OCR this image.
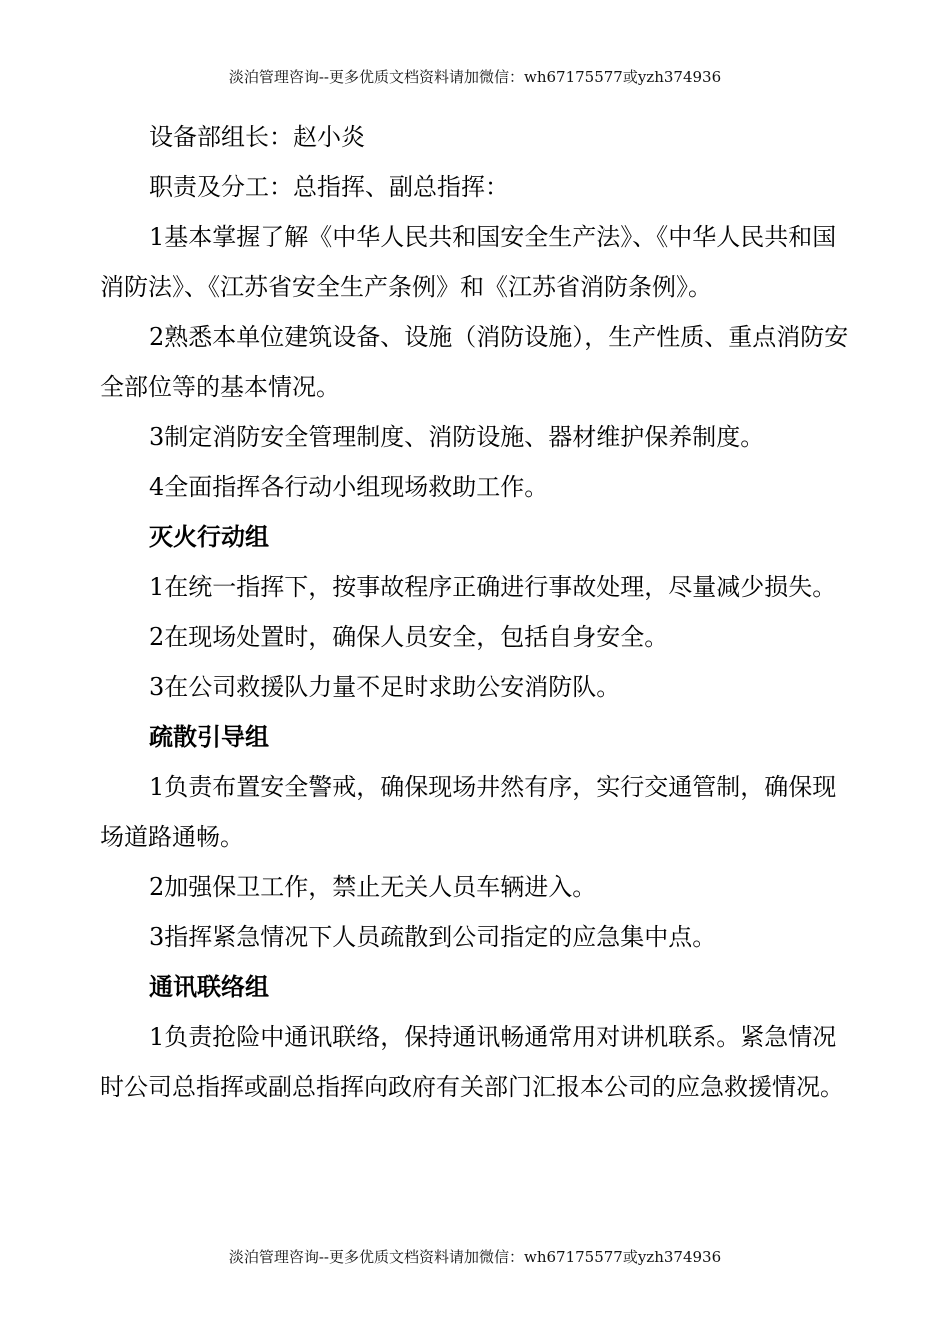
淡泊管理咨询--更多优质文档资料请加微信：wh67175577或yzh374936

设备部组长：赵小炎

职责及分工：总指挥、副总指挥：

1基本掌握了解《中华人民共和国安全生产法》、《中华人民共和国消防法》、《江苏省安全生产条例》和《江苏省消防条例》。

2熟悉本单位建筑设备、设施（消防设施），生产性质、重点消防安全部位等的基本情况。

3制定消防安全管理制度、消防设施、器材维护保养制度。

4全面指挥各行动小组现场救助工作。

灭火行动组

1在统一指挥下，按事故程序正确进行事故处理，尽量减少损失。

2在现场处置时，确保人员安全，包括自身安全。

3在公司救援队力量不足时求助公安消防队。

疏散引导组

1负责布置安全警戒，确保现场井然有序，实行交通管制，确保现场道路通畅。

2加强保卫工作，禁止无关人员车辆进入。

3指挥紧急情况下人员疏散到公司指定的应急集中点。

通讯联络组

1负责抢险中通讯联络，保持通讯畅通常用对讲机联系。紧急情况时公司总指挥或副总指挥向政府有关部门汇报本公司的应急救援情况。

淡泊管理咨询--更多优质文档资料请加微信：wh67175577或yzh374936
